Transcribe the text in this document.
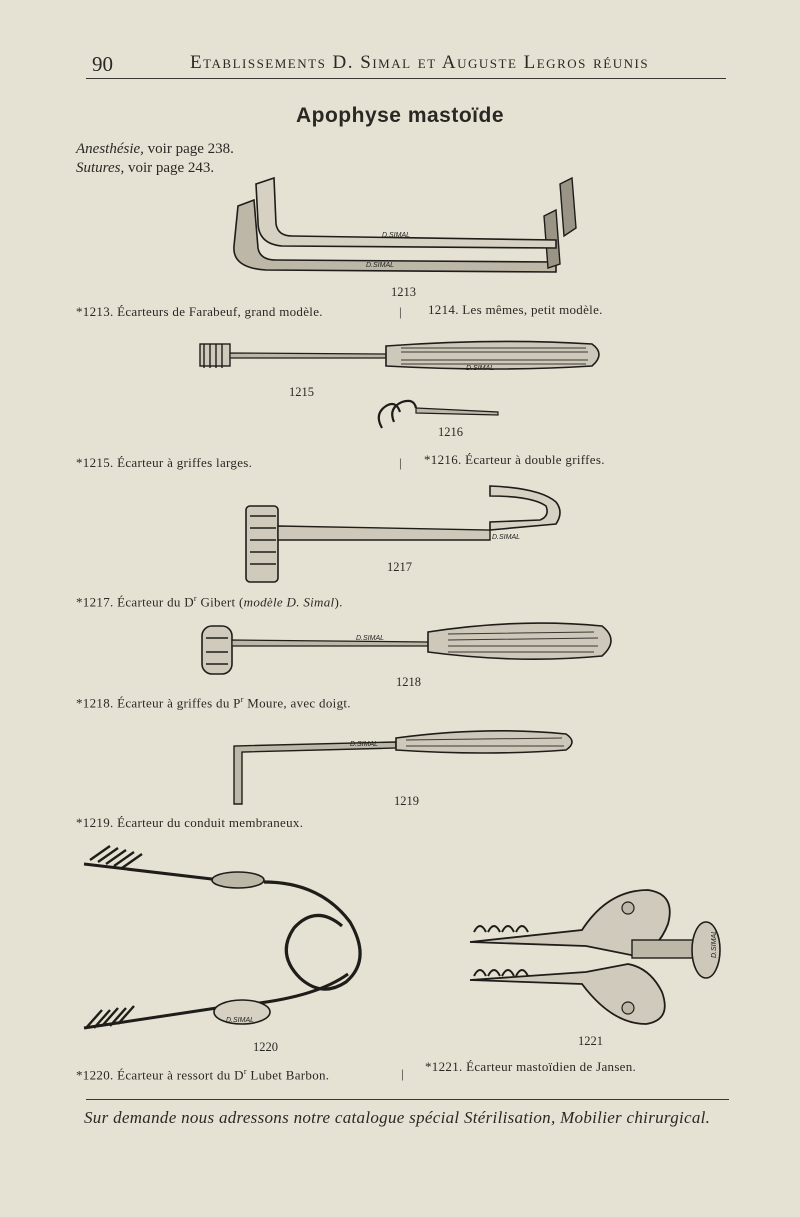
90	Etablissements D. Simal et Auguste Legros réunis
Apophyse mastoïde
Anesthésie, voir page 238.
Sutures, voir page 243.
D.SIMAL
D.SIMAL
1213
*1213. Écarteurs de Farabeuf, grand modèle.	| 1214. Les mêmes, petit modèle.
D.SIMAL
1215
1216
*1215. Écarteur à griffes larges.	| *1216. Écarteur à double griffes.
D.SIMAL
1217
*1217. Écarteur du $D^r$ Gibert (modèle D. Simal).
D.SIMAL
1218
*1218. Écarteur à griffes du $P^r$ Moure, avec doigt.
D.SIMAL
1219
*1219. Écarteur du conduit membraneux.
D.SIMAL
1220
D.SIMAL
1221
*1220. Écarteur à ressort du $D^r$ Lubet Barbon.	| *1221. Écarteur mastoïdien de Jansen.
Sur demande nous adressons notre catalogue spécial Stérilisation, Mobilier chirurgical.
